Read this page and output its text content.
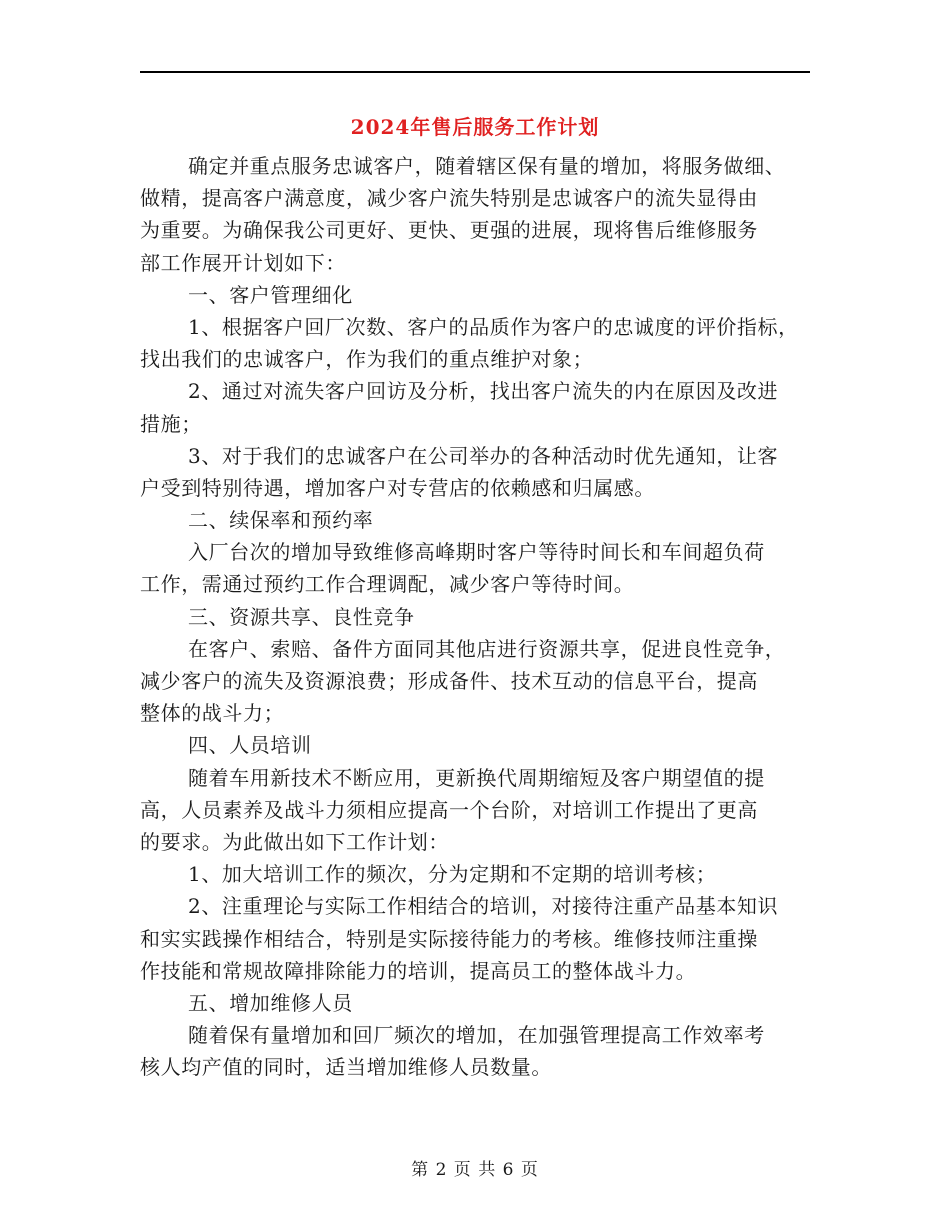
2024年售后服务工作计划
确定并重点服务忠诚客户，随着辖区保有量的增加，将服务做细、
做精，提高客户满意度，减少客户流失特别是忠诚客户的流失显得由
为重要。为确保我公司更好、更快、更强的进展，现将售后维修服务
部工作展开计划如下：
一、客户管理细化
1、根据客户回厂次数、客户的品质作为客户的忠诚度的评价指标，
找出我们的忠诚客户，作为我们的重点维护对象；
2、通过对流失客户回访及分析，找出客户流失的内在原因及改进
措施；
3、对于我们的忠诚客户在公司举办的各种活动时优先通知，让客
户受到特别待遇，增加客户对专营店的依赖感和归属感。
二、续保率和预约率
入厂台次的增加导致维修高峰期时客户等待时间长和车间超负荷
工作，需通过预约工作合理调配，减少客户等待时间。
三、资源共享、良性竞争
在客户、索赔、备件方面同其他店进行资源共享，促进良性竞争，
减少客户的流失及资源浪费；形成备件、技术互动的信息平台，提高
整体的战斗力；
四、人员培训
随着车用新技术不断应用，更新换代周期缩短及客户期望值的提
高，人员素养及战斗力须相应提高一个台阶，对培训工作提出了更高
的要求。为此做出如下工作计划：
1、加大培训工作的频次，分为定期和不定期的培训考核；
2、注重理论与实际工作相结合的培训，对接待注重产品基本知识
和实实践操作相结合，特别是实际接待能力的考核。维修技师注重操
作技能和常规故障排除能力的培训，提高员工的整体战斗力。
五、增加维修人员
随着保有量增加和回厂频次的增加，在加强管理提高工作效率考
核人均产值的同时，适当增加维修人员数量。
第 2 页 共 6 页
